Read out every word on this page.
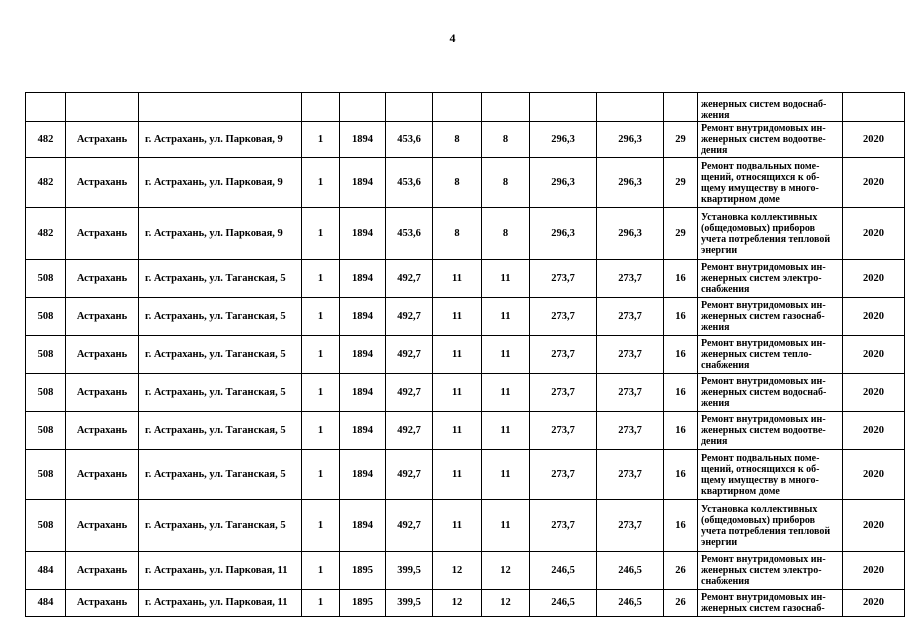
4
											женерных систем водоснаб-
жения	
482	Астрахань	г. Астрахань, ул. Парковая, 9	1	1894	453,6	8	8	296,3	296,3	29	Ремонт внутридомовых ин-
женерных систем водоотве-
дения	2020
482	Астрахань	г. Астрахань, ул. Парковая, 9	1	1894	453,6	8	8	296,3	296,3	29	Ремонт подвальных поме-
щений, относящихся к об-
щему имуществу в много-
квартирном доме	2020
482	Астрахань	г. Астрахань, ул. Парковая, 9	1	1894	453,6	8	8	296,3	296,3	29	Установка коллективных
(общедомовых) приборов
учета потребления тепловой
энергии	2020
508	Астрахань	г. Астрахань, ул. Таганская, 5	1	1894	492,7	11	11	273,7	273,7	16	Ремонт внутридомовых ин-
женерных систем электро-
снабжения	2020
508	Астрахань	г. Астрахань, ул. Таганская, 5	1	1894	492,7	11	11	273,7	273,7	16	Ремонт внутридомовых ин-
женерных систем газоснаб-
жения	2020
508	Астрахань	г. Астрахань, ул. Таганская, 5	1	1894	492,7	11	11	273,7	273,7	16	Ремонт внутридомовых ин-
женерных систем тепло-
снабжения	2020
508	Астрахань	г. Астрахань, ул. Таганская, 5	1	1894	492,7	11	11	273,7	273,7	16	Ремонт внутридомовых ин-
женерных систем водоснаб-
жения	2020
508	Астрахань	г. Астрахань, ул. Таганская, 5	1	1894	492,7	11	11	273,7	273,7	16	Ремонт внутридомовых ин-
женерных систем водоотве-
дения	2020
508	Астрахань	г. Астрахань, ул. Таганская, 5	1	1894	492,7	11	11	273,7	273,7	16	Ремонт подвальных поме-
щений, относящихся к об-
щему имуществу в много-
квартирном доме	2020
508	Астрахань	г. Астрахань, ул. Таганская, 5	1	1894	492,7	11	11	273,7	273,7	16	Установка коллективных
(общедомовых) приборов
учета потребления тепловой
энергии	2020
484	Астрахань	г. Астрахань, ул. Парковая, 11	1	1895	399,5	12	12	246,5	246,5	26	Ремонт внутридомовых ин-
женерных систем электро-
снабжения	2020
484	Астрахань	г. Астрахань, ул. Парковая, 11	1	1895	399,5	12	12	246,5	246,5	26	Ремонт внутридомовых ин-
женерных систем газоснаб-	2020
